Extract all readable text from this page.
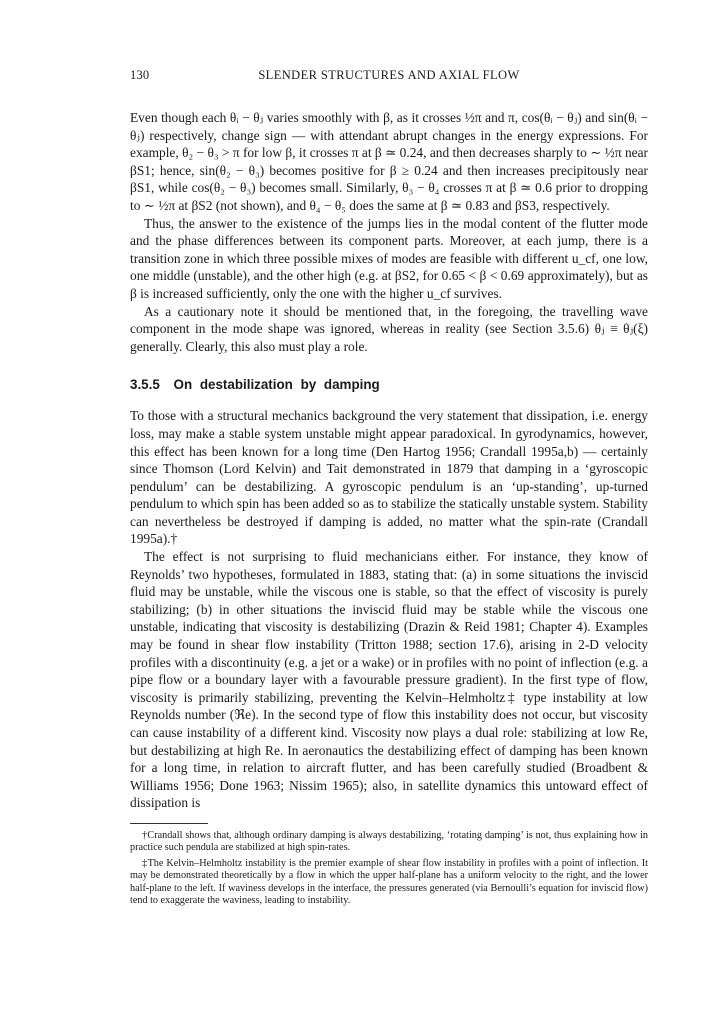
130	SLENDER STRUCTURES AND AXIAL FLOW

Even though each θᵢ − θⱼ varies smoothly with β, as it crosses ½π and π, cos(θᵢ − θⱼ) and sin(θᵢ − θⱼ) respectively, change sign — with attendant abrupt changes in the energy expressions. For example, θ₂ − θ₃ > π for low β, it crosses π at β ≃ 0.24, and then decreases sharply to ∼ ½π near βS1; hence, sin(θ₂ − θ₃) becomes positive for β ≥ 0.24 and then increases precipitously near βS1, while cos(θ₂ − θ₃) becomes small. Similarly, θ₃ − θ₄ crosses π at β ≃ 0.6 prior to dropping to ∼ ½π at βS2 (not shown), and θ₄ − θ₅ does the same at β ≃ 0.83 and βS3, respectively.

Thus, the answer to the existence of the jumps lies in the modal content of the flutter mode and the phase differences between its component parts. Moreover, at each jump, there is a transition zone in which three possible mixes of modes are feasible with different u_cf, one low, one middle (unstable), and the other high (e.g. at βS2, for 0.65 < β < 0.69 approximately), but as β is increased sufficiently, only the one with the higher u_cf survives.

As a cautionary note it should be mentioned that, in the foregoing, the travelling wave component in the mode shape was ignored, whereas in reality (see Section 3.5.6) θⱼ ≡ θⱼ(ξ) generally. Clearly, this also must play a role.

3.5.5 On destabilization by damping

To those with a structural mechanics background the very statement that dissipation, i.e. energy loss, may make a stable system unstable might appear paradoxical. In gyrodynamics, however, this effect has been known for a long time (Den Hartog 1956; Crandall 1995a,b) — certainly since Thomson (Lord Kelvin) and Tait demonstrated in 1879 that damping in a ‘gyroscopic pendulum’ can be destabilizing. A gyroscopic pendulum is an ‘up-standing’, up-turned pendulum to which spin has been added so as to stabilize the statically unstable system. Stability can nevertheless be destroyed if damping is added, no matter what the spin-rate (Crandall 1995a).†

The effect is not surprising to fluid mechanicians either. For instance, they know of Reynolds’ two hypotheses, formulated in 1883, stating that: (a) in some situations the inviscid fluid may be unstable, while the viscous one is stable, so that the effect of viscosity is purely stabilizing; (b) in other situations the inviscid fluid may be stable while the viscous one unstable, indicating that viscosity is destabilizing (Drazin & Reid 1981; Chapter 4). Examples may be found in shear flow instability (Tritton 1988; section 17.6), arising in 2-D velocity profiles with a discontinuity (e.g. a jet or a wake) or in profiles with no point of inflection (e.g. a pipe flow or a boundary layer with a favourable pressure gradient). In the first type of flow, viscosity is primarily stabilizing, preventing the Kelvin–Helmholtz‡ type instability at low Reynolds number (ℜe). In the second type of flow this instability does not occur, but viscosity can cause instability of a different kind. Viscosity now plays a dual role: stabilizing at low Re, but destabilizing at high Re. In aeronautics the destabilizing effect of damping has been known for a long time, in relation to aircraft flutter, and has been carefully studied (Broadbent & Williams 1956; Done 1963; Nissim 1965); also, in satellite dynamics this untoward effect of dissipation is

†Crandall shows that, although ordinary damping is always destabilizing, ‘rotating damping’ is not, thus explaining how in practice such pendula are stabilized at high spin-rates.

‡The Kelvin–Helmholtz instability is the premier example of shear flow instability in profiles with a point of inflection. It may be demonstrated theoretically by a flow in which the upper half-plane has a uniform velocity to the right, and the lower half-plane to the left. If waviness develops in the interface, the pressures generated (via Bernoulli’s equation for inviscid flow) tend to exaggerate the waviness, leading to instability.
